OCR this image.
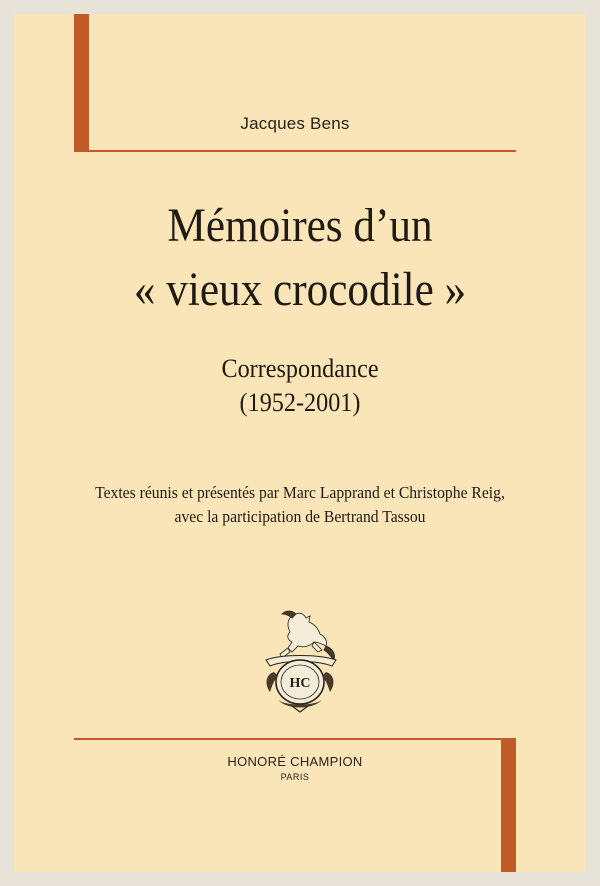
Jacques Bens
Mémoires d’un
« vieux crocodile »
Correspondance
(1952-2001)
Textes réunis et présentés par Marc Lapprand et Christophe Reig,
avec la participation de Bertrand Tassou
HC
HONORÉ CHAMPION
PARIS
